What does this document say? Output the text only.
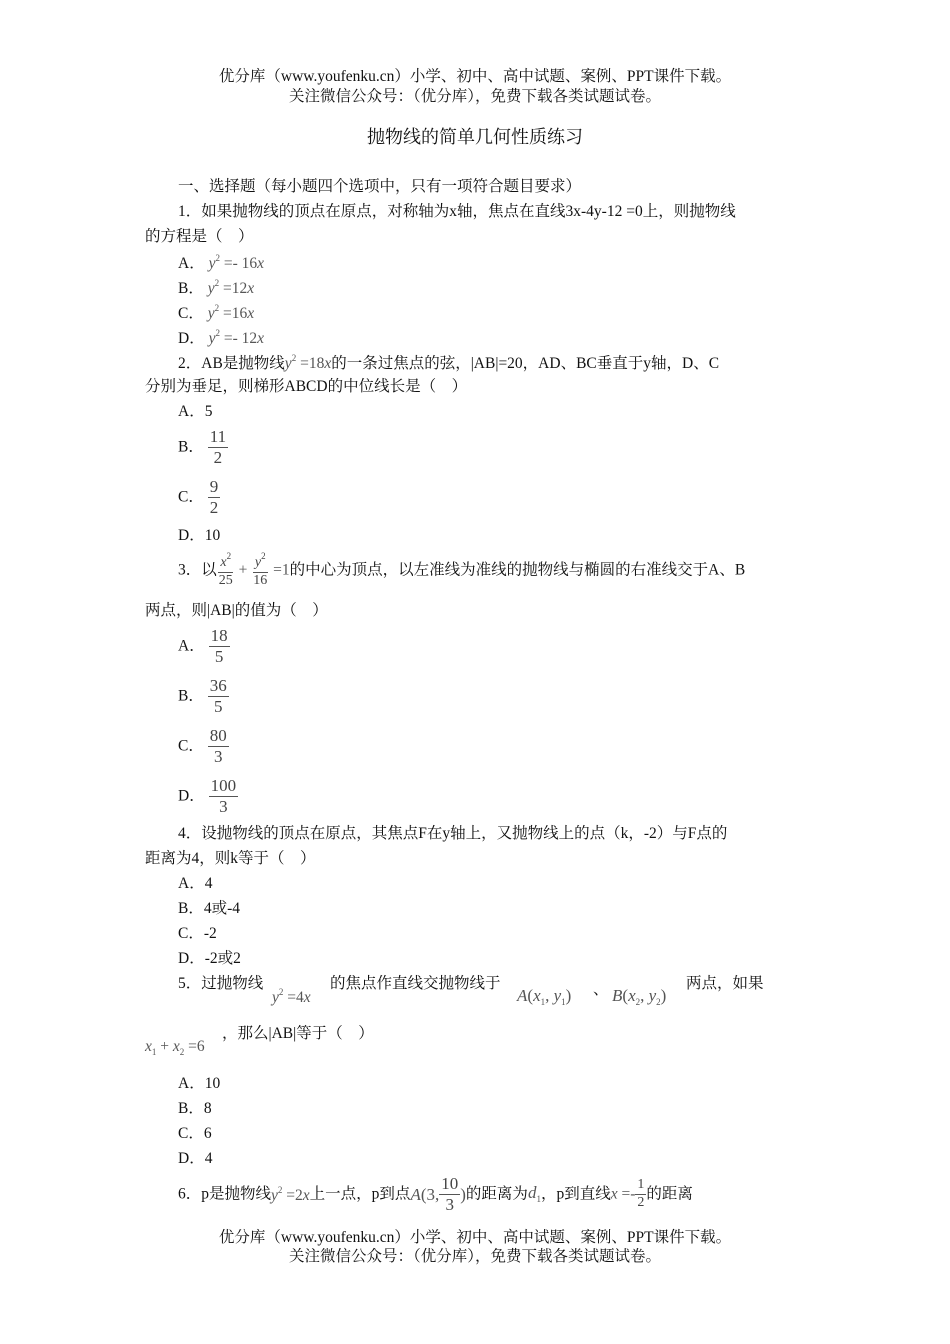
优分库（www.youfenku.cn）小学、初中、高中试题、案例、PPT课件下载。
关注微信公众号：（优分库），免费下载各类试题试卷。
抛物线的简单几何性质练习
一、选择题（每小题四个选项中，只有一项符合题目要求）
1．如果抛物线的顶点在原点，对称轴为x轴，焦点在直线3x-4y-12 =0上，则抛物线
的方程是（　）
A． $y^2 =- 16x$
B． $y^2 =12x$
C． $y^2 =16x$
D． $y^2 =- 12x$
2．AB是抛物线$y^2 =18x$的一条过焦点的弦，|AB|=20，AD、BC垂直于y轴，D、C
分别为垂足，则梯形ABCD的中位线长是（　）
A．5
B． $\frac{11}{2}$
C． $\frac{9}{2}$
D．10
3．以 $\frac{x^2}{25} + \frac{y^2}{16} =1$的中心为顶点，以左准线为准线的抛物线与椭圆的右准线交于A、B
两点，则|AB|的值为（　）
A． $\frac{18}{5}$
B． $\frac{36}{5}$
C． $\frac{80}{3}$
D． $\frac{100}{3}$
4．设抛物线的顶点在原点，其焦点F在y轴上，又抛物线上的点（k，-2）与F点的
距离为4，则k等于（　）
A．4
B．4或-4
C．-2
D．-2或2
5．过抛物线
$y^2 =4x$
的焦点作直线交抛物线于
$A(x_1$, $y_1$) 、 $B(x_2$, $y_2$)
两点，如果
$x_1 + x_2 =6$
，那么|AB|等于（　）
A．10
B．8
C．6
D．4
6．p是抛物线$y^2 =2x$上一点，p到点A(3, $\frac{10}{3}$ )的距离为$d_1$，p到直线$x =- \frac{1}{2}$ 的距离
优分库（www.youfenku.cn）小学、初中、高中试题、案例、PPT课件下载。
关注微信公众号：（优分库），免费下载各类试题试卷。
